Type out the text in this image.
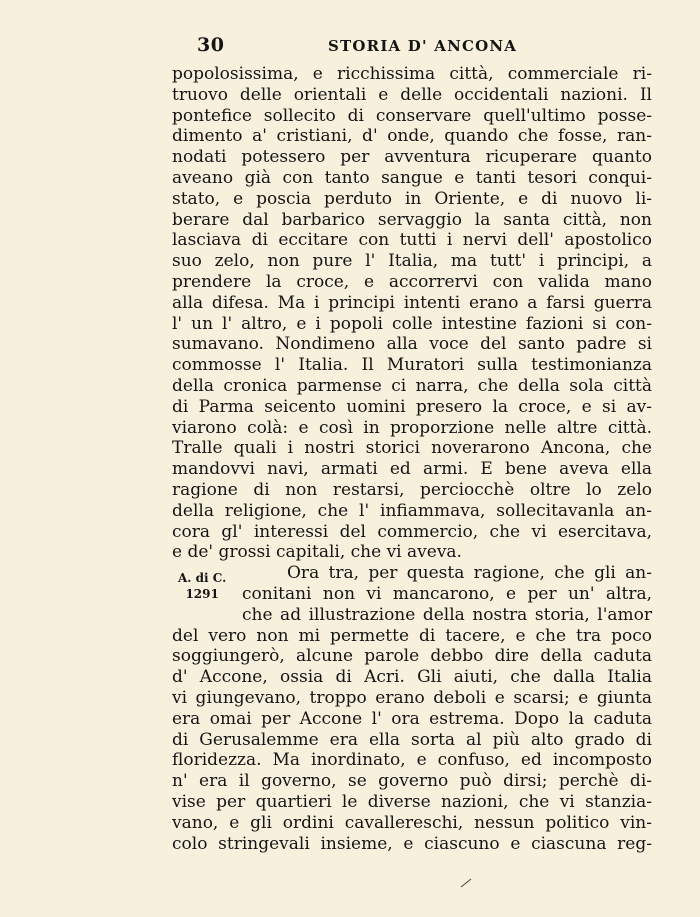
30	STORIA D' ANCONA
A. di C.
1291
popolosissima, e ricchissima città, commerciale ri-
truovo delle orientali e delle occidentali nazioni. Il
pontefice sollecito di conservare quell'ultimo posse-
dimento a' cristiani, d' onde, quando che fosse, ran-
nodati potessero per avventura ricuperare quanto
aveano già con tanto sangue e tanti tesori conqui-
stato, e poscia perduto in Oriente, e di nuovo li-
berare dal barbarico servaggio la santa città, non
lasciava di eccitare con tutti i nervi dell' apostolico
suo zelo, non pure l' Italia, ma tutt' i principi, a
prendere la croce, e accorrervi con valida mano
alla difesa. Ma i principi intenti erano a farsi guerra
l' un l' altro, e i popoli colle intestine fazioni si con-
sumavano. Nondimeno alla voce del santo padre si
commosse l' Italia. Il Muratori sulla testimonianza
della cronica parmense ci narra, che della sola città
di Parma seicento uomini presero la croce, e si av-
viarono colà: e così in proporzione nelle altre città.
Tralle quali i nostri storici noverarono Ancona, che
mandovvi navi, armati ed armi. E bene aveva ella
ragione di non restarsi, perciocchè oltre lo zelo
della religione, che l' infiammava, sollecitavanla an-
cora gl' interessi del commercio, che vi esercitava,
e de' grossi capitali, che vi aveva.
Ora tra, per questa ragione, che gli an-
conitani non vi mancarono, e per un' altra,
che ad illustrazione della nostra storia, l'amor
del vero non mi permette di tacere, e che tra poco
soggiungerò, alcune parole debbo dire della caduta
d' Accone, ossia di Acri. Gli aiuti, che dalla Italia
vi giungevano, troppo erano deboli e scarsi; e giunta
era omai per Accone l' ora estrema. Dopo la caduta
di Gerusalemme era ella sorta al più alto grado di
floridezza. Ma inordinato, e confuso, ed incomposto
n' era il governo, se governo può dirsi; perchè di-
vise per quartieri le diverse nazioni, che vi stanzia-
vano, e gli ordini cavallereschi, nessun politico vin-
colo stringevali insieme, e ciascuno e ciascuna reg-
